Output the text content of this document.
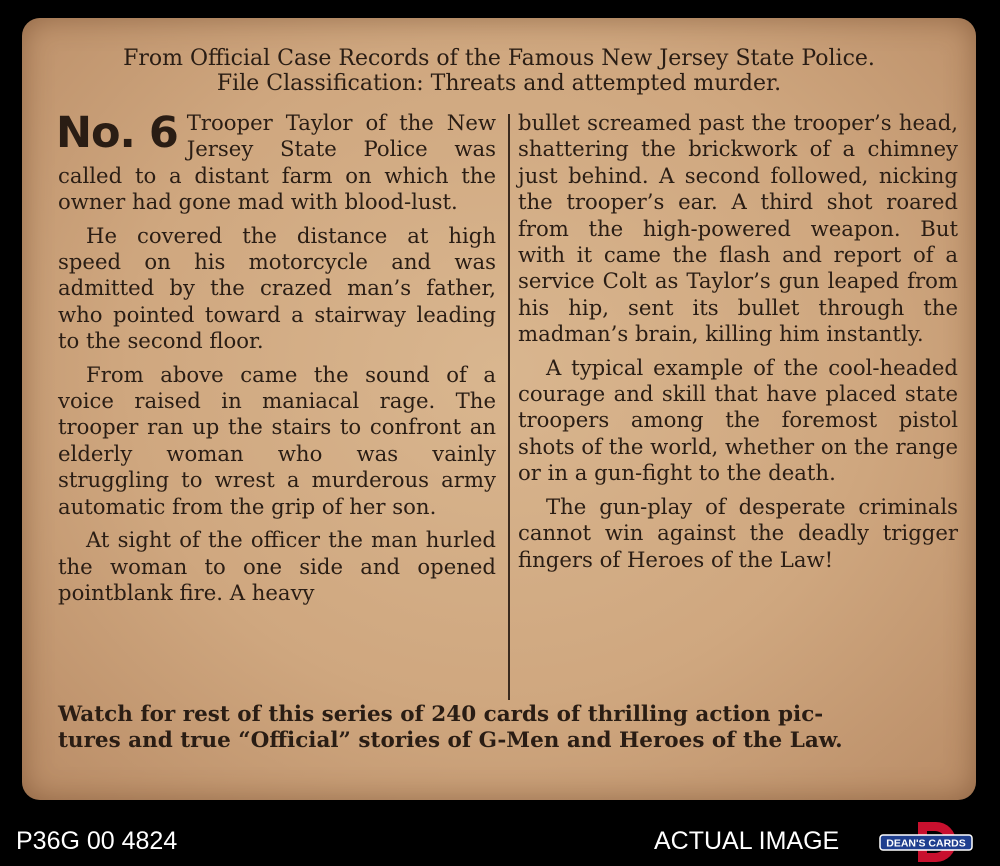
From Official Case Records of the Famous New Jersey State Police.
File Classification: Threats and attempted murder.

No. 6 Trooper Taylor of the New Jersey State Police was called to a distant farm on which the owner had gone mad with blood-lust.

He covered the distance at high speed on his motorcycle and was admitted by the crazed man’s father, who pointed toward a stairway leading to the second floor.

From above came the sound of a voice raised in maniacal rage. The trooper ran up the stairs to confront an elderly woman who was vainly struggling to wrest a murderous army automatic from the grip of her son.

At sight of the officer the man hurled the woman to one side and opened pointblank fire. A heavy

bullet screamed past the trooper’s head, shattering the brickwork of a chimney just behind. A second followed, nicking the trooper’s ear. A third shot roared from the high-powered weapon. But with it came the flash and report of a service Colt as Taylor’s gun leaped from his hip, sent its bullet through the madman’s brain, killing him instantly.

A typical example of the cool-headed courage and skill that have placed state troopers among the foremost pistol shots of the world, whether on the range or in a gun-fight to the death.

The gun-play of desperate criminals cannot win against the deadly trigger fingers of Heroes of the Law!

Watch for rest of this series of 240 cards of thrilling action pic-
tures and true “Official” stories of G-Men and Heroes of the Law.
P36G 00 4824	ACTUAL IMAGE	DEAN'S CARDS
